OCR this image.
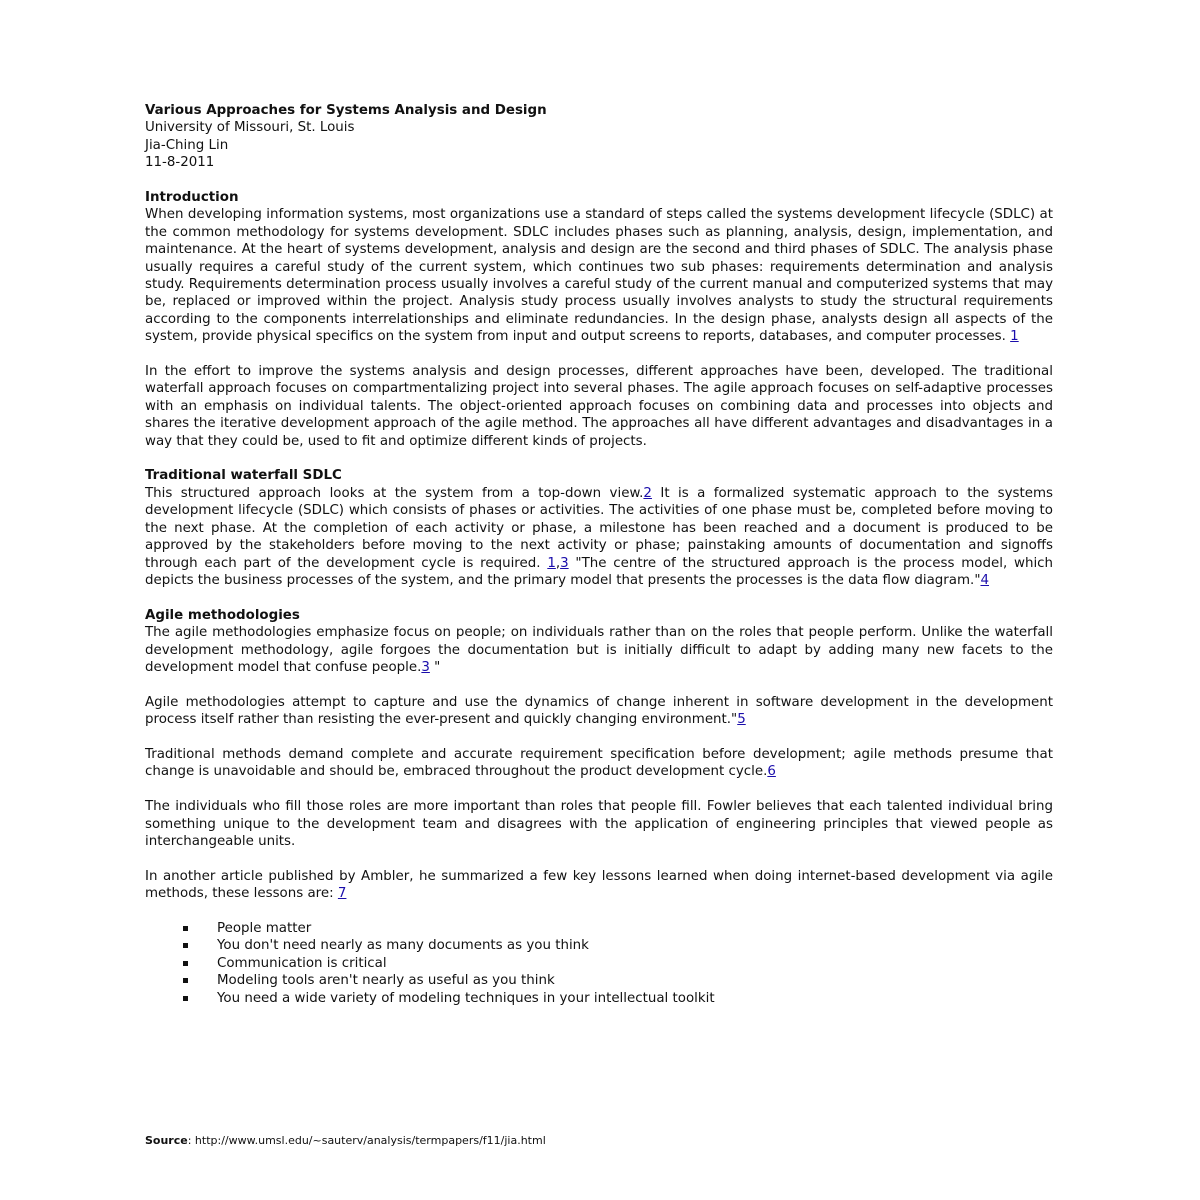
Various Approaches for Systems Analysis and Design
University of Missouri, St. Louis
Jia-Ching Lin
11-8-2011
Introduction
When developing information systems, most organizations use a standard of steps called the systems development lifecycle (SDLC) at the common methodology for systems development. SDLC includes phases such as planning, analysis, design, implementation, and maintenance. At the heart of systems development, analysis and design are the second and third phases of SDLC. The analysis phase usually requires a careful study of the current system, which continues two sub phases: requirements determination and analysis study. Requirements determination process usually involves a careful study of the current manual and computerized systems that may be, replaced or improved within the project. Analysis study process usually involves analysts to study the structural requirements according to the components interrelationships and eliminate redundancies. In the design phase, analysts design all aspects of the system, provide physical specifics on the system from input and output screens to reports, databases, and computer processes. 1
In the effort to improve the systems analysis and design processes, different approaches have been, developed. The traditional waterfall approach focuses on compartmentalizing project into several phases. The agile approach focuses on self-adaptive processes with an emphasis on individual talents. The object-oriented approach focuses on combining data and processes into objects and shares the iterative development approach of the agile method. The approaches all have different advantages and disadvantages in a way that they could be, used to fit and optimize different kinds of projects.
Traditional waterfall SDLC
This structured approach looks at the system from a top-down view.2 It is a formalized systematic approach to the systems development lifecycle (SDLC) which consists of phases or activities. The activities of one phase must be, completed before moving to the next phase. At the completion of each activity or phase, a milestone has been reached and a document is produced to be approved by the stakeholders before moving to the next activity or phase; painstaking amounts of documentation and signoffs through each part of the development cycle is required. 1,3 "The centre of the structured approach is the process model, which depicts the business processes of the system, and the primary model that presents the processes is the data flow diagram."4
Agile methodologies
The agile methodologies emphasize focus on people; on individuals rather than on the roles that people perform. Unlike the waterfall development methodology, agile forgoes the documentation but is initially difficult to adapt by adding many new facets to the development model that confuse people.3 "
Agile methodologies attempt to capture and use the dynamics of change inherent in software development in the development process itself rather than resisting the ever-present and quickly changing environment."5
Traditional methods demand complete and accurate requirement specification before development; agile methods presume that change is unavoidable and should be, embraced throughout the product development cycle.6
The individuals who fill those roles are more important than roles that people fill. Fowler believes that each talented individual bring something unique to the development team and disagrees with the application of engineering principles that viewed people as interchangeable units.
In another article published by Ambler, he summarized a few key lessons learned when doing internet-based development via agile methods, these lessons are: 7
People matter
You don't need nearly as many documents as you think
Communication is critical
Modeling tools aren't nearly as useful as you think
You need a wide variety of modeling techniques in your intellectual toolkit
Source: http://www.umsl.edu/~sauterv/analysis/termpapers/f11/jia.html
